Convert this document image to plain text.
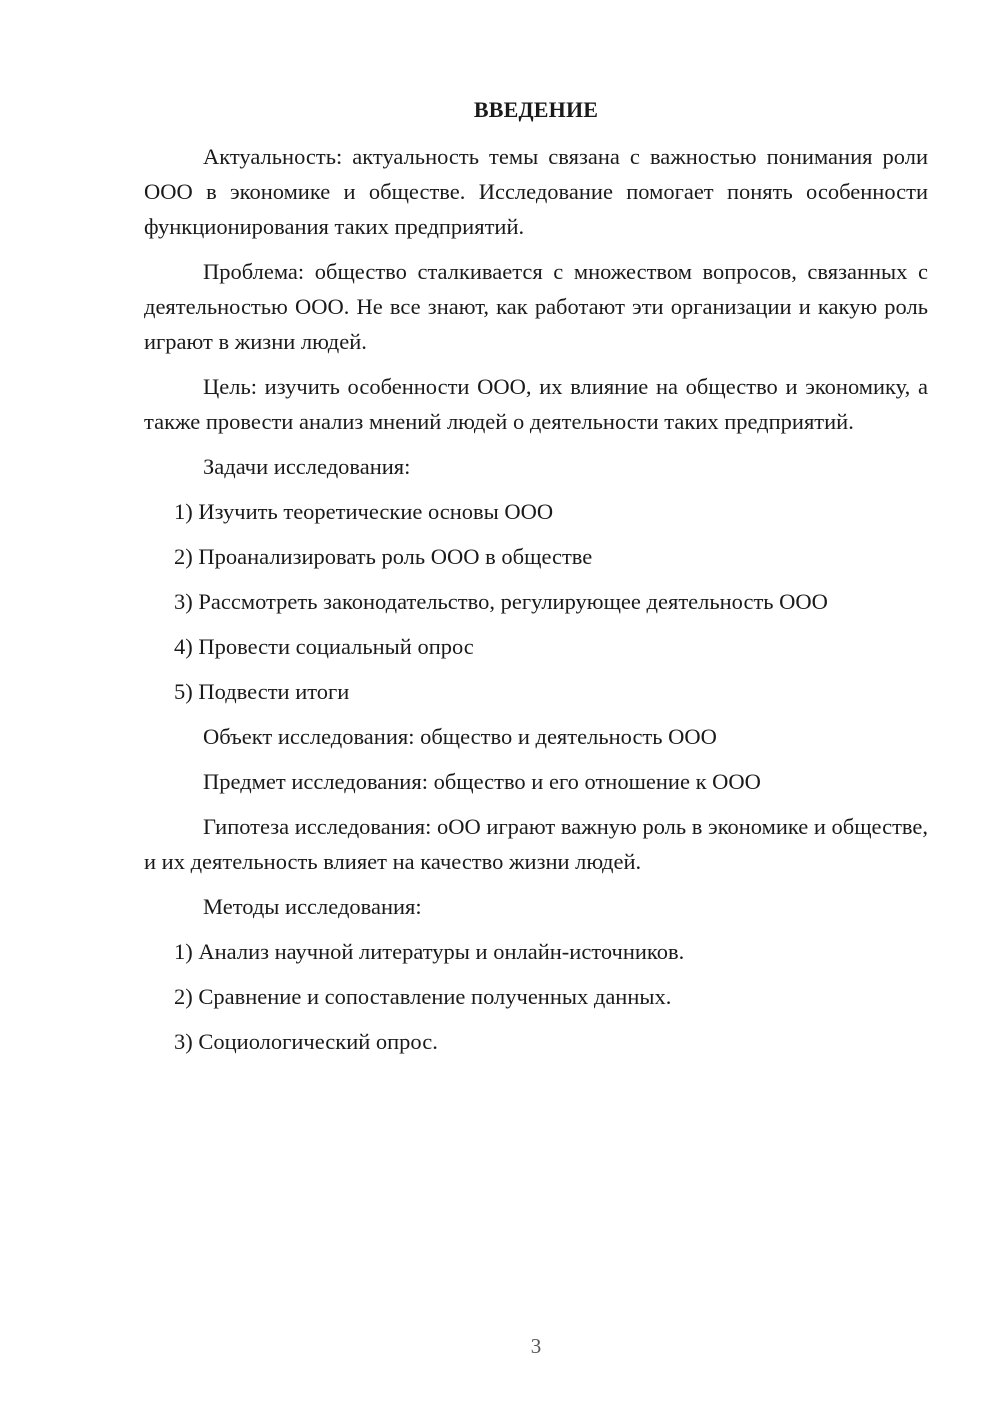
ВВЕДЕНИЕ

Актуальность: актуальность темы связана с важностью понимания роли ООО в экономике и обществе. Исследование помогает понять особенности функционирования таких предприятий.

Проблема: общество сталкивается с множеством вопросов, связанных с деятельностью ООО. Не все знают, как работают эти организации и какую роль играют в жизни людей.

Цель: изучить особенности ООО, их влияние на общество и экономику, а также провести анализ мнений людей о деятельности таких предприятий.

Задачи исследования:
1) Изучить теоретические основы ООО
2) Проанализировать роль ООО в обществе
3) Рассмотреть законодательство, регулирующее деятельность ООО
4) Провести социальный опрос
5) Подвести итоги
Объект исследования: общество и деятельность ООО
Предмет исследования: общество и его отношение к ООО

Гипотеза исследования: оОО играют важную роль в экономике и обществе, и их деятельность влияет на качество жизни людей.

Методы исследования:
1) Анализ научной литературы и онлайн-источников.
2) Сравнение и сопоставление полученных данных.
3) Социологический опрос.
3
